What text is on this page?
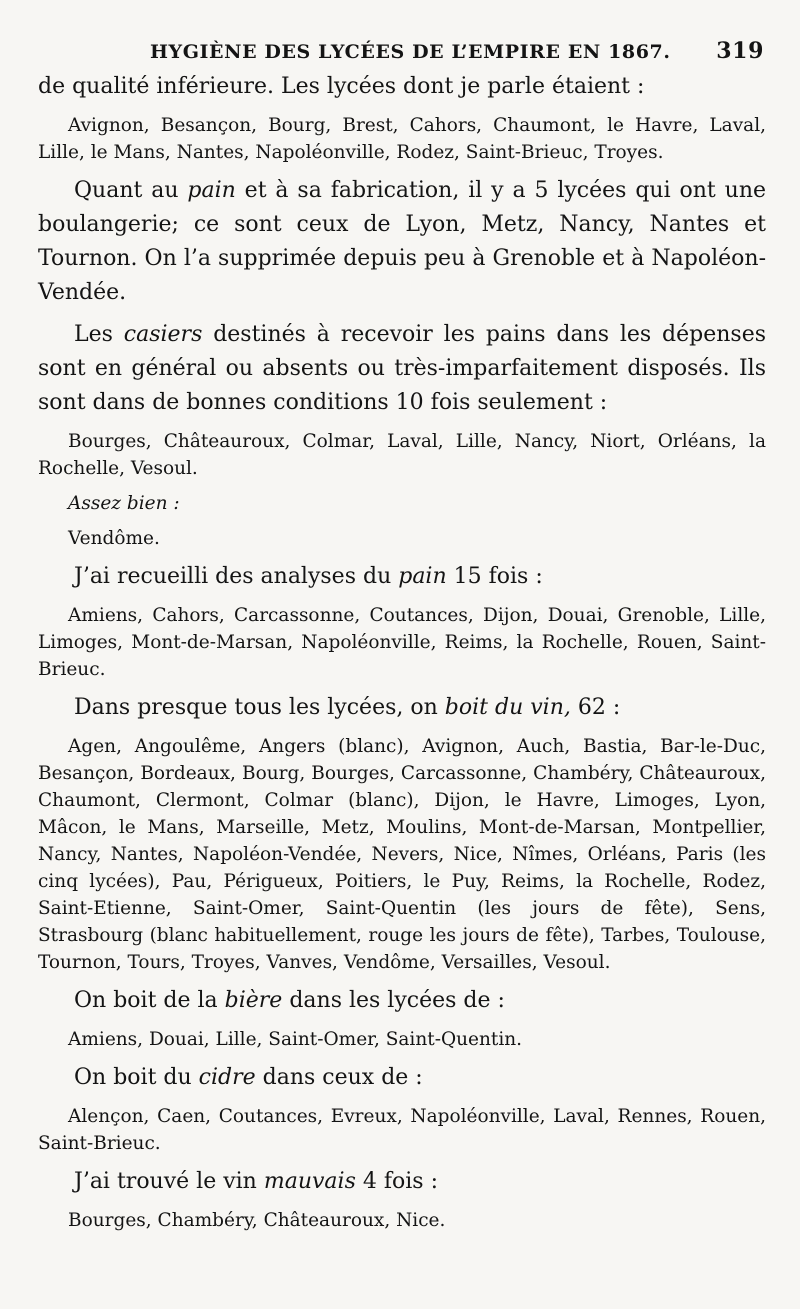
HYGIÈNE DES LYCÉES DE L’EMPIRE EN 1867. 319

de qualité inférieure. Les lycées dont je parle étaient :

Avignon, Besançon, Bourg, Brest, Cahors, Chaumont, le Havre, Laval, Lille, le Mans, Nantes, Napoléonville, Rodez, Saint-Brieuc, Troyes.

Quant au pain et à sa fabrication, il y a 5 lycées qui ont une boulangerie; ce sont ceux de Lyon, Metz, Nancy, Nantes et Tournon. On l’a supprimée depuis peu à Grenoble et à Napoléon-Vendée.

Les casiers destinés à recevoir les pains dans les dépenses sont en général ou absents ou très-imparfaitement disposés. Ils sont dans de bonnes conditions 10 fois seulement :

Bourges, Châteauroux, Colmar, Laval, Lille, Nancy, Niort, Orléans, la Rochelle, Vesoul.

Assez bien :

Vendôme.

J’ai recueilli des analyses du pain 15 fois :

Amiens, Cahors, Carcassonne, Coutances, Dijon, Douai, Grenoble, Lille, Limoges, Mont-de-Marsan, Napoléonville, Reims, la Rochelle, Rouen, Saint-Brieuc.

Dans presque tous les lycées, on boit du vin, 62 :

Agen, Angoulême, Angers (blanc), Avignon, Auch, Bastia, Bar-le-Duc, Besançon, Bordeaux, Bourg, Bourges, Carcassonne, Chambéry, Châteauroux, Chaumont, Clermont, Colmar (blanc), Dijon, le Havre, Limoges, Lyon, Mâcon, le Mans, Marseille, Metz, Moulins, Mont-de-Marsan, Montpellier, Nancy, Nantes, Napoléon-Vendée, Nevers, Nice, Nîmes, Orléans, Paris (les cinq lycées), Pau, Périgueux, Poitiers, le Puy, Reims, la Rochelle, Rodez, Saint-Etienne, Saint-Omer, Saint-Quentin (les jours de fête), Sens, Strasbourg (blanc habituellement, rouge les jours de fête), Tarbes, Toulouse, Tournon, Tours, Troyes, Vanves, Vendôme, Versailles, Vesoul.

On boit de la bière dans les lycées de :

Amiens, Douai, Lille, Saint-Omer, Saint-Quentin.

On boit du cidre dans ceux de :

Alençon, Caen, Coutances, Evreux, Napoléonville, Laval, Rennes, Rouen, Saint-Brieuc.

J’ai trouvé le vin mauvais 4 fois :

Bourges, Chambéry, Châteauroux, Nice.
